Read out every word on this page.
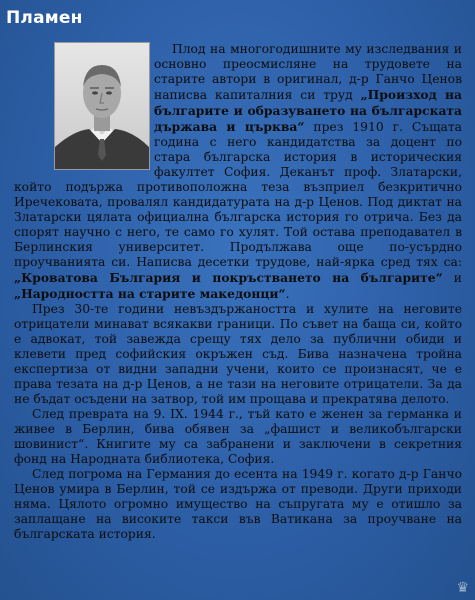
Пламен

Плод на многогодишните му изследвания и основно преосмисляне на трудовете на старите автори в оригинал, д-р Ганчо Ценов написва капиталния си труд „Произход на българите и образуването на българската държава и църква“ през 1910 г. Същата година с него кандидатства за доцент по стара българска история в историческия факултет София. Деканът проф. Златарски, който подържа противоположна теза възприел безкритично Иречековата, провалял кандидатурата на д-р Ценов. Под диктат на Златарски цялата официална българска история го отрича. Без да спорят научно с него, те само го хулят. Той остава преподавател в Берлинския университет. Продължава още по-усърдно проучванията си. Написва десетки трудове, най-ярка сред тях са: „Кроватова България и покръстването на българите“ и „Народността на старите македонци“.

През 30-те години невъздържаността и хулите на неговите отрицатели минават всякакви граници. По съвет на баща си, който е адвокат, той завежда срещу тях дело за публични обиди и клевети пред софийския окръжен съд. Бива назначена тройна експертиза от видни западни учени, които се произнасят, че е права тезата на д-р Ценов, а не тази на неговите отрицатели. За да не бъдат осъдени на затвор, той им прощава и прекратява делото.

След превратa на 9. IX. 1944 г., тъй като е женен за германка и живее в Берлин, бива обявен за „фашист и великобългарски шовинист“. Книгите му са забранени и заключени в секретния фонд на Народната библиотека, София.

След погрома на Германия до есента на 1949 г. когато д-р Ганчо Ценов умира в Берлин, той се издържа от преводи. Други приходи няма. Цялото огромно имущество на съпругата му е отишло за заплащане на високите такси във Ватикана за проучване на българската история.

♛
